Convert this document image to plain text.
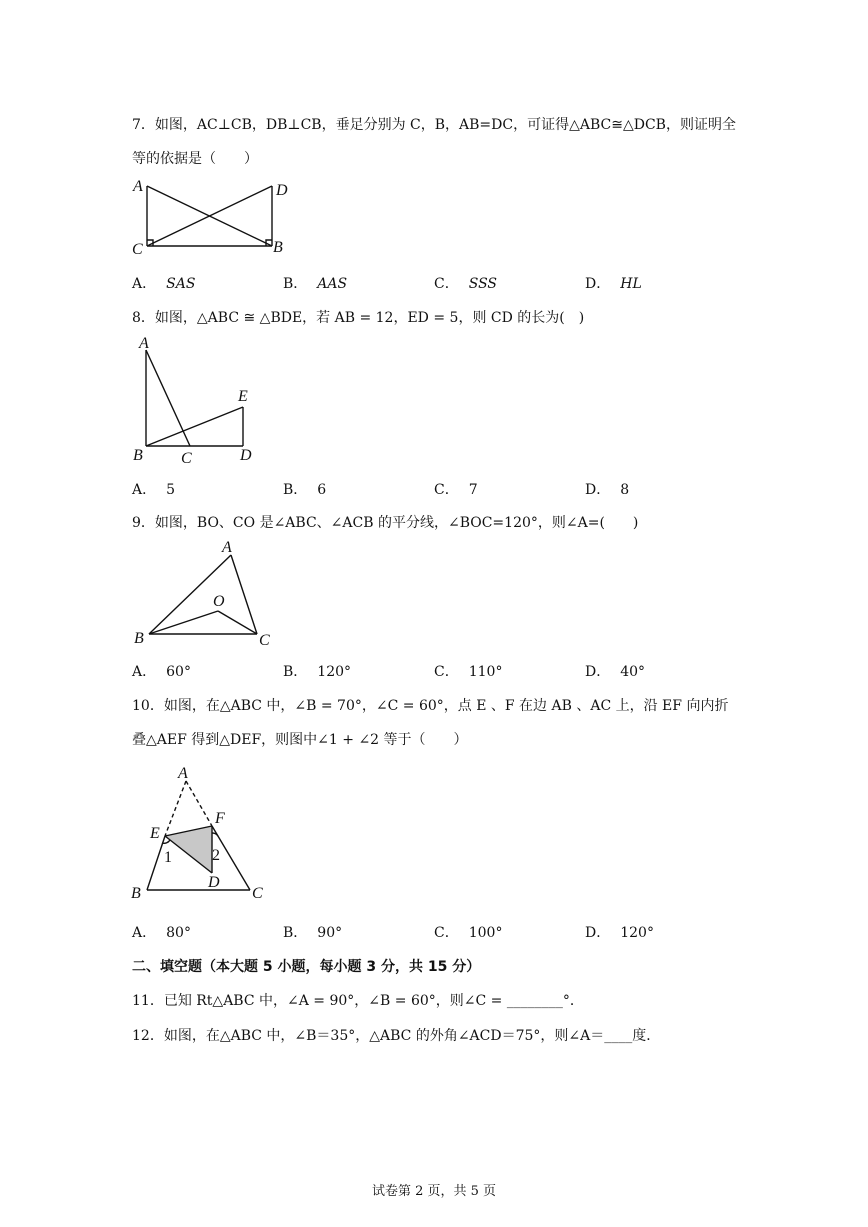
7．如图，AC⊥CB，DB⊥CB，垂足分别为 C，B，AB=DC，可证得△ABC≅△DCB，则证明全
等的依据是（　　）
A	D
C	B
A
E
B C	D
A
O
B	C
A
E
F
1	2
B
D
C
A． SAS	B． AAS	C． SSS	D． HL
8．如图，△ABC ≅ △BDE，若 AB = 12，ED = 5，则 CD 的长为(　)
A． 5	B． 6	C． 7	D． 8
9．如图，BO、CO 是∠ABC、∠ACB 的平分线，∠BOC=120°，则∠A=(　　)
A． 60°	B． 120°	C． 110°	D． 40°
10．如图，在△ABC 中，∠B = 70°，∠C = 60°，点 E 、F 在边 AB 、AC 上，沿 EF 向内折
叠△AEF 得到△DEF，则图中∠1 + ∠2 等于（　　）
A． 80°	B． 90°	C． 100°	D． 120°
二、填空题（本大题 5 小题，每小题 3 分，共 15 分）
11．已知 Rt△ABC 中，∠A = 90°，∠B = 60°，则∠C = ________°．
12．如图，在△ABC 中，∠B＝35°，△ABC 的外角∠ACD＝75°，则∠A＝____度．
试卷第 2 页，共 5 页
